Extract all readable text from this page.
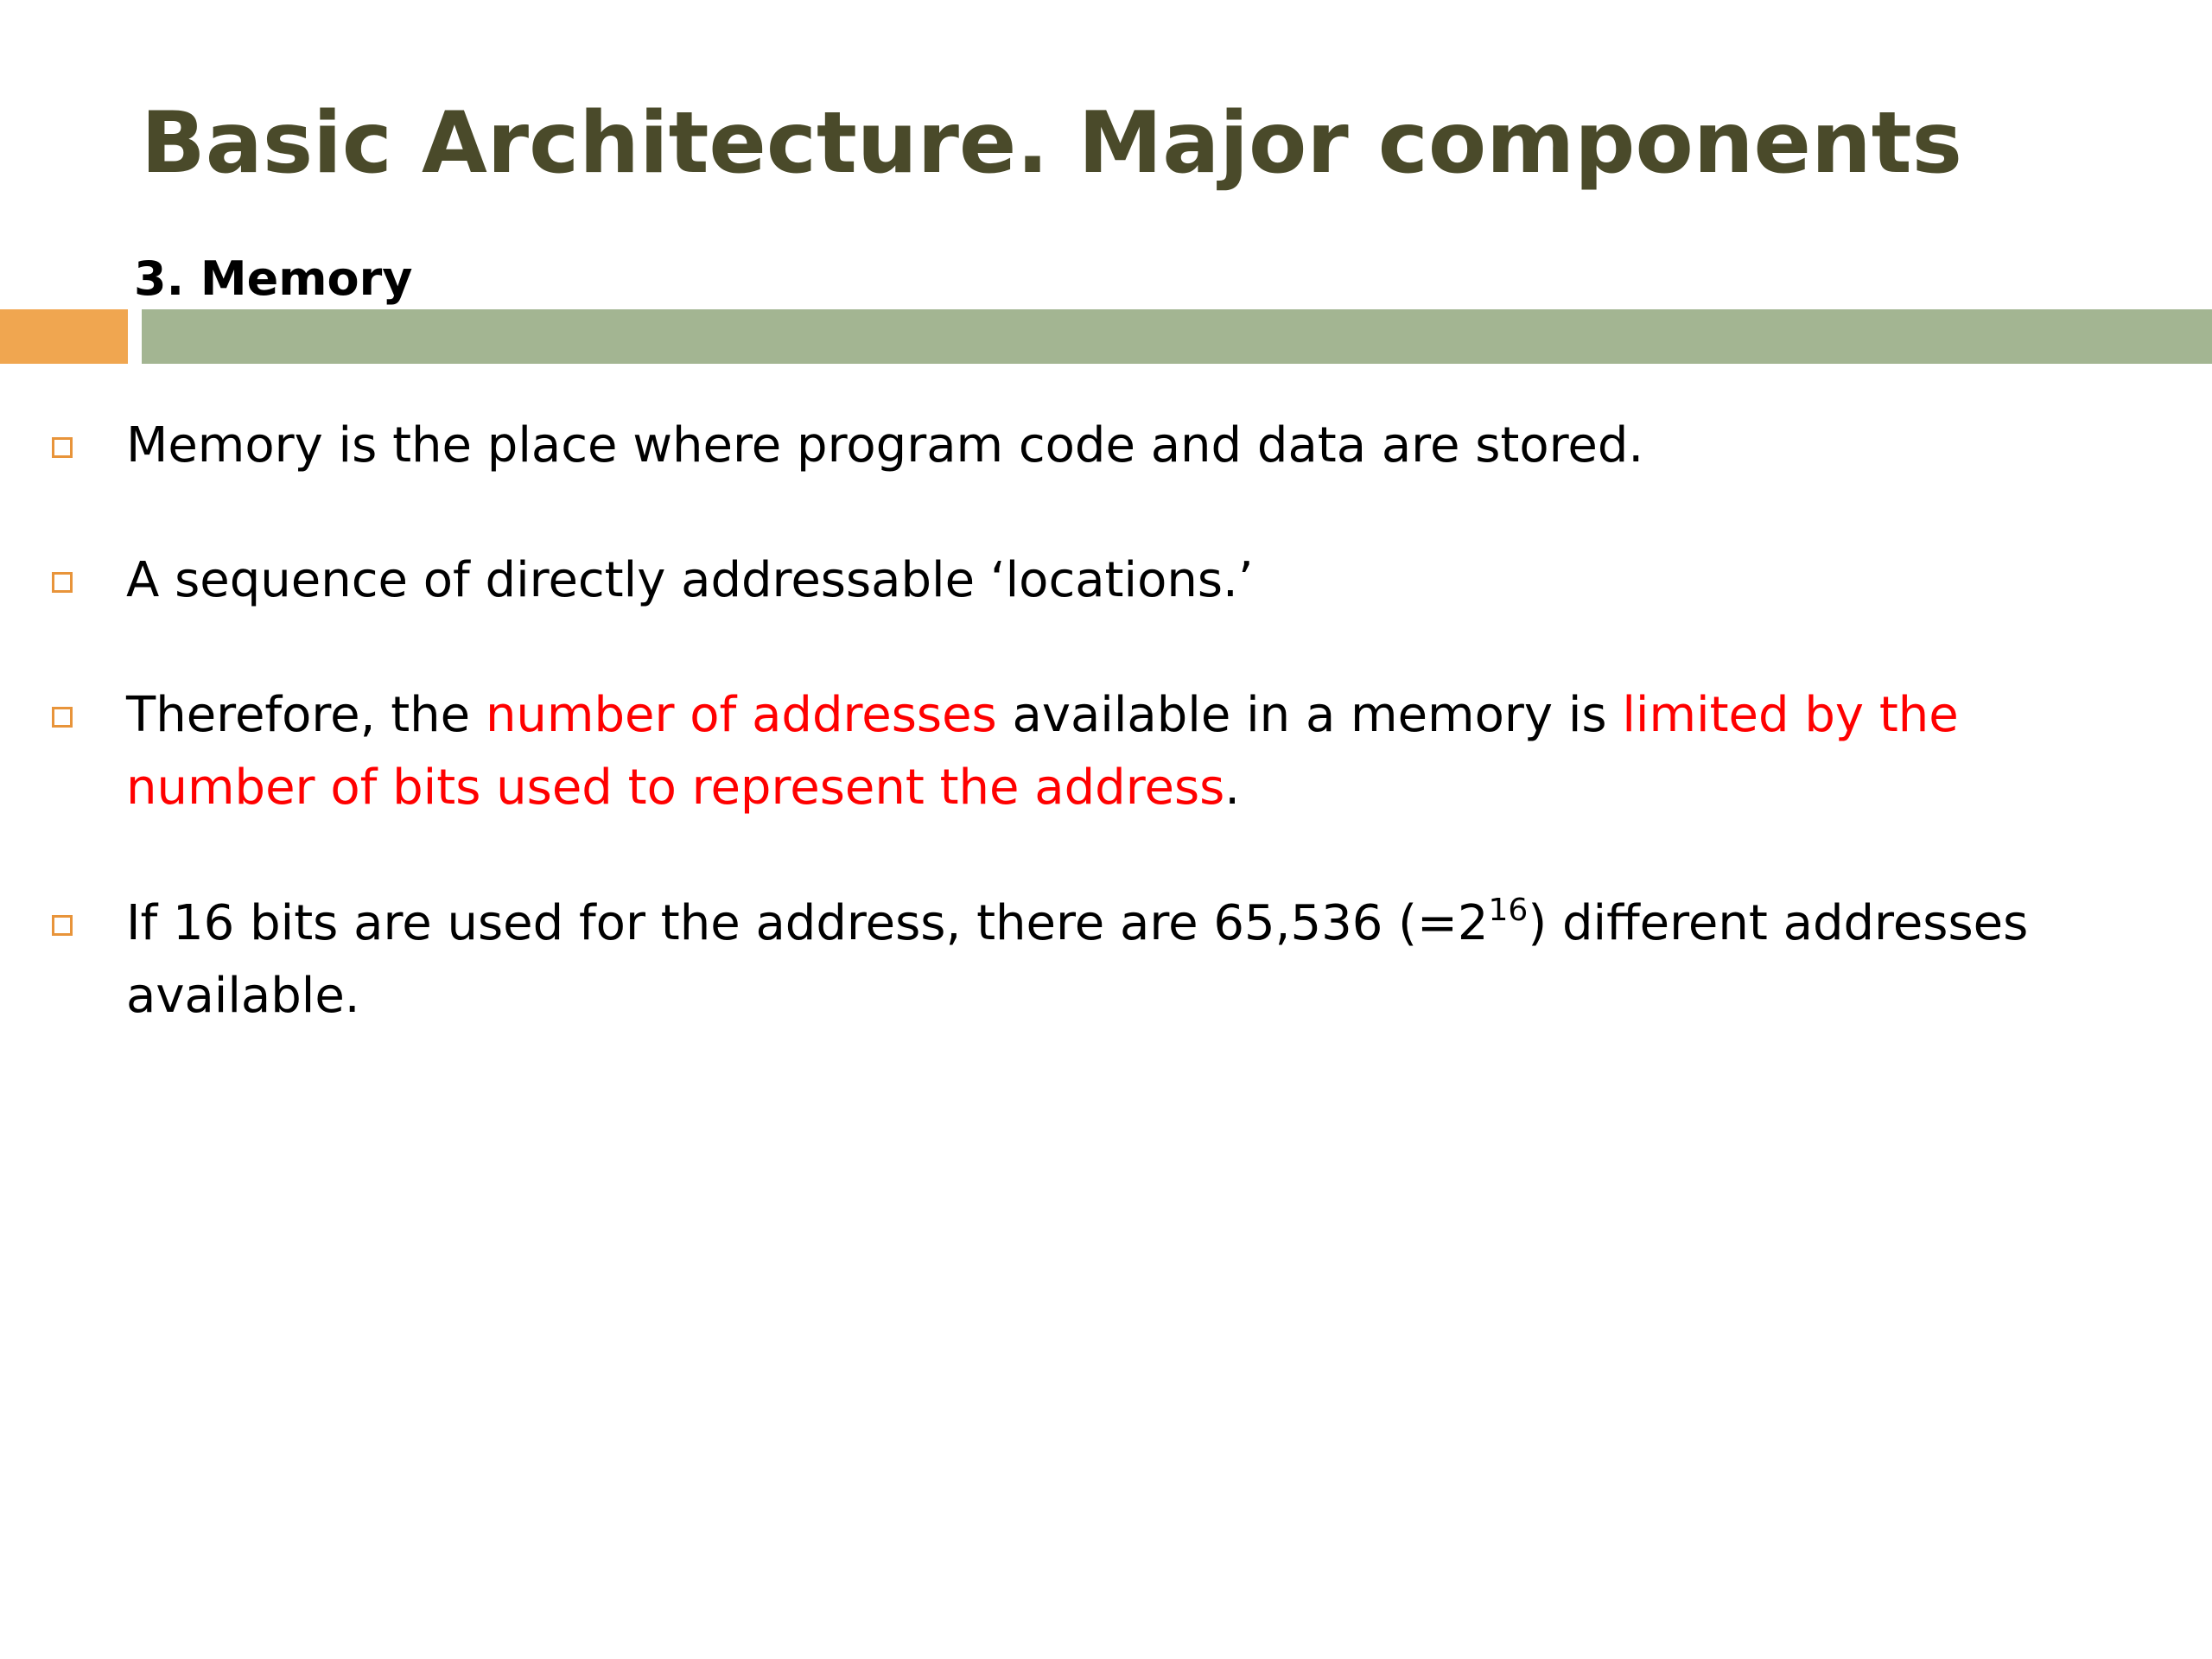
Basic Architecture. Major components
3. Memory

Memory is the place where program code and data are stored.

A sequence of directly addressable ‘locations.’

Therefore, the number of addresses available in a memory is limited by the number of bits used to represent the address.

If 16 bits are used for the address, there are 65,536 $(=2^{16})$ different addresses available.
